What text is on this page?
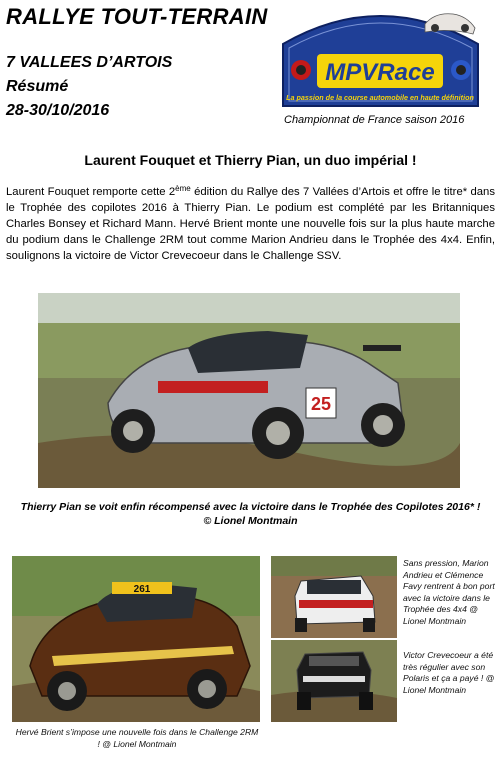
RALLYE TOUT-TERRAIN
7 VALLEES D’ARTOIS
Résumé
28-30/10/2016
MPVRace
La passion de la course automobile en haute définition
Championnat de France saison 2016
Laurent Fouquet et Thierry Pian, un duo impérial !
Laurent Fouquet remporte cette 2ème édition du Rallye des 7 Vallées d’Artois et offre le titre* dans le Trophée des copilotes 2016 à Thierry Pian. Le podium est complété par les Britanniques Charles Bonsey et Richard Mann. Hervé Brient monte une nouvelle fois sur la plus haute marche du podium dans le Challenge 2RM tout comme Marion Andrieu dans le Trophée des 4x4. Enfin, soulignons la victoire de Victor Crevecoeur dans le Challenge SSV.
25
Thierry Pian se voit enfin récompensé avec la victoire dans le Trophée des Copilotes 2016* !
© Lionel Montmain
261
Hervé Brient s’impose une nouvelle fois dans le Challenge 2RM ! @ Lionel Montmain
Sans pression, Marion Andrieu et Clémence Favy rentrent à bon port avec la victoire dans le Trophée des 4x4 @ Lionel Montmain
Victor Crevecoeur a été très régulier avec son Polaris et ça a payé ! @ Lionel Montmain
